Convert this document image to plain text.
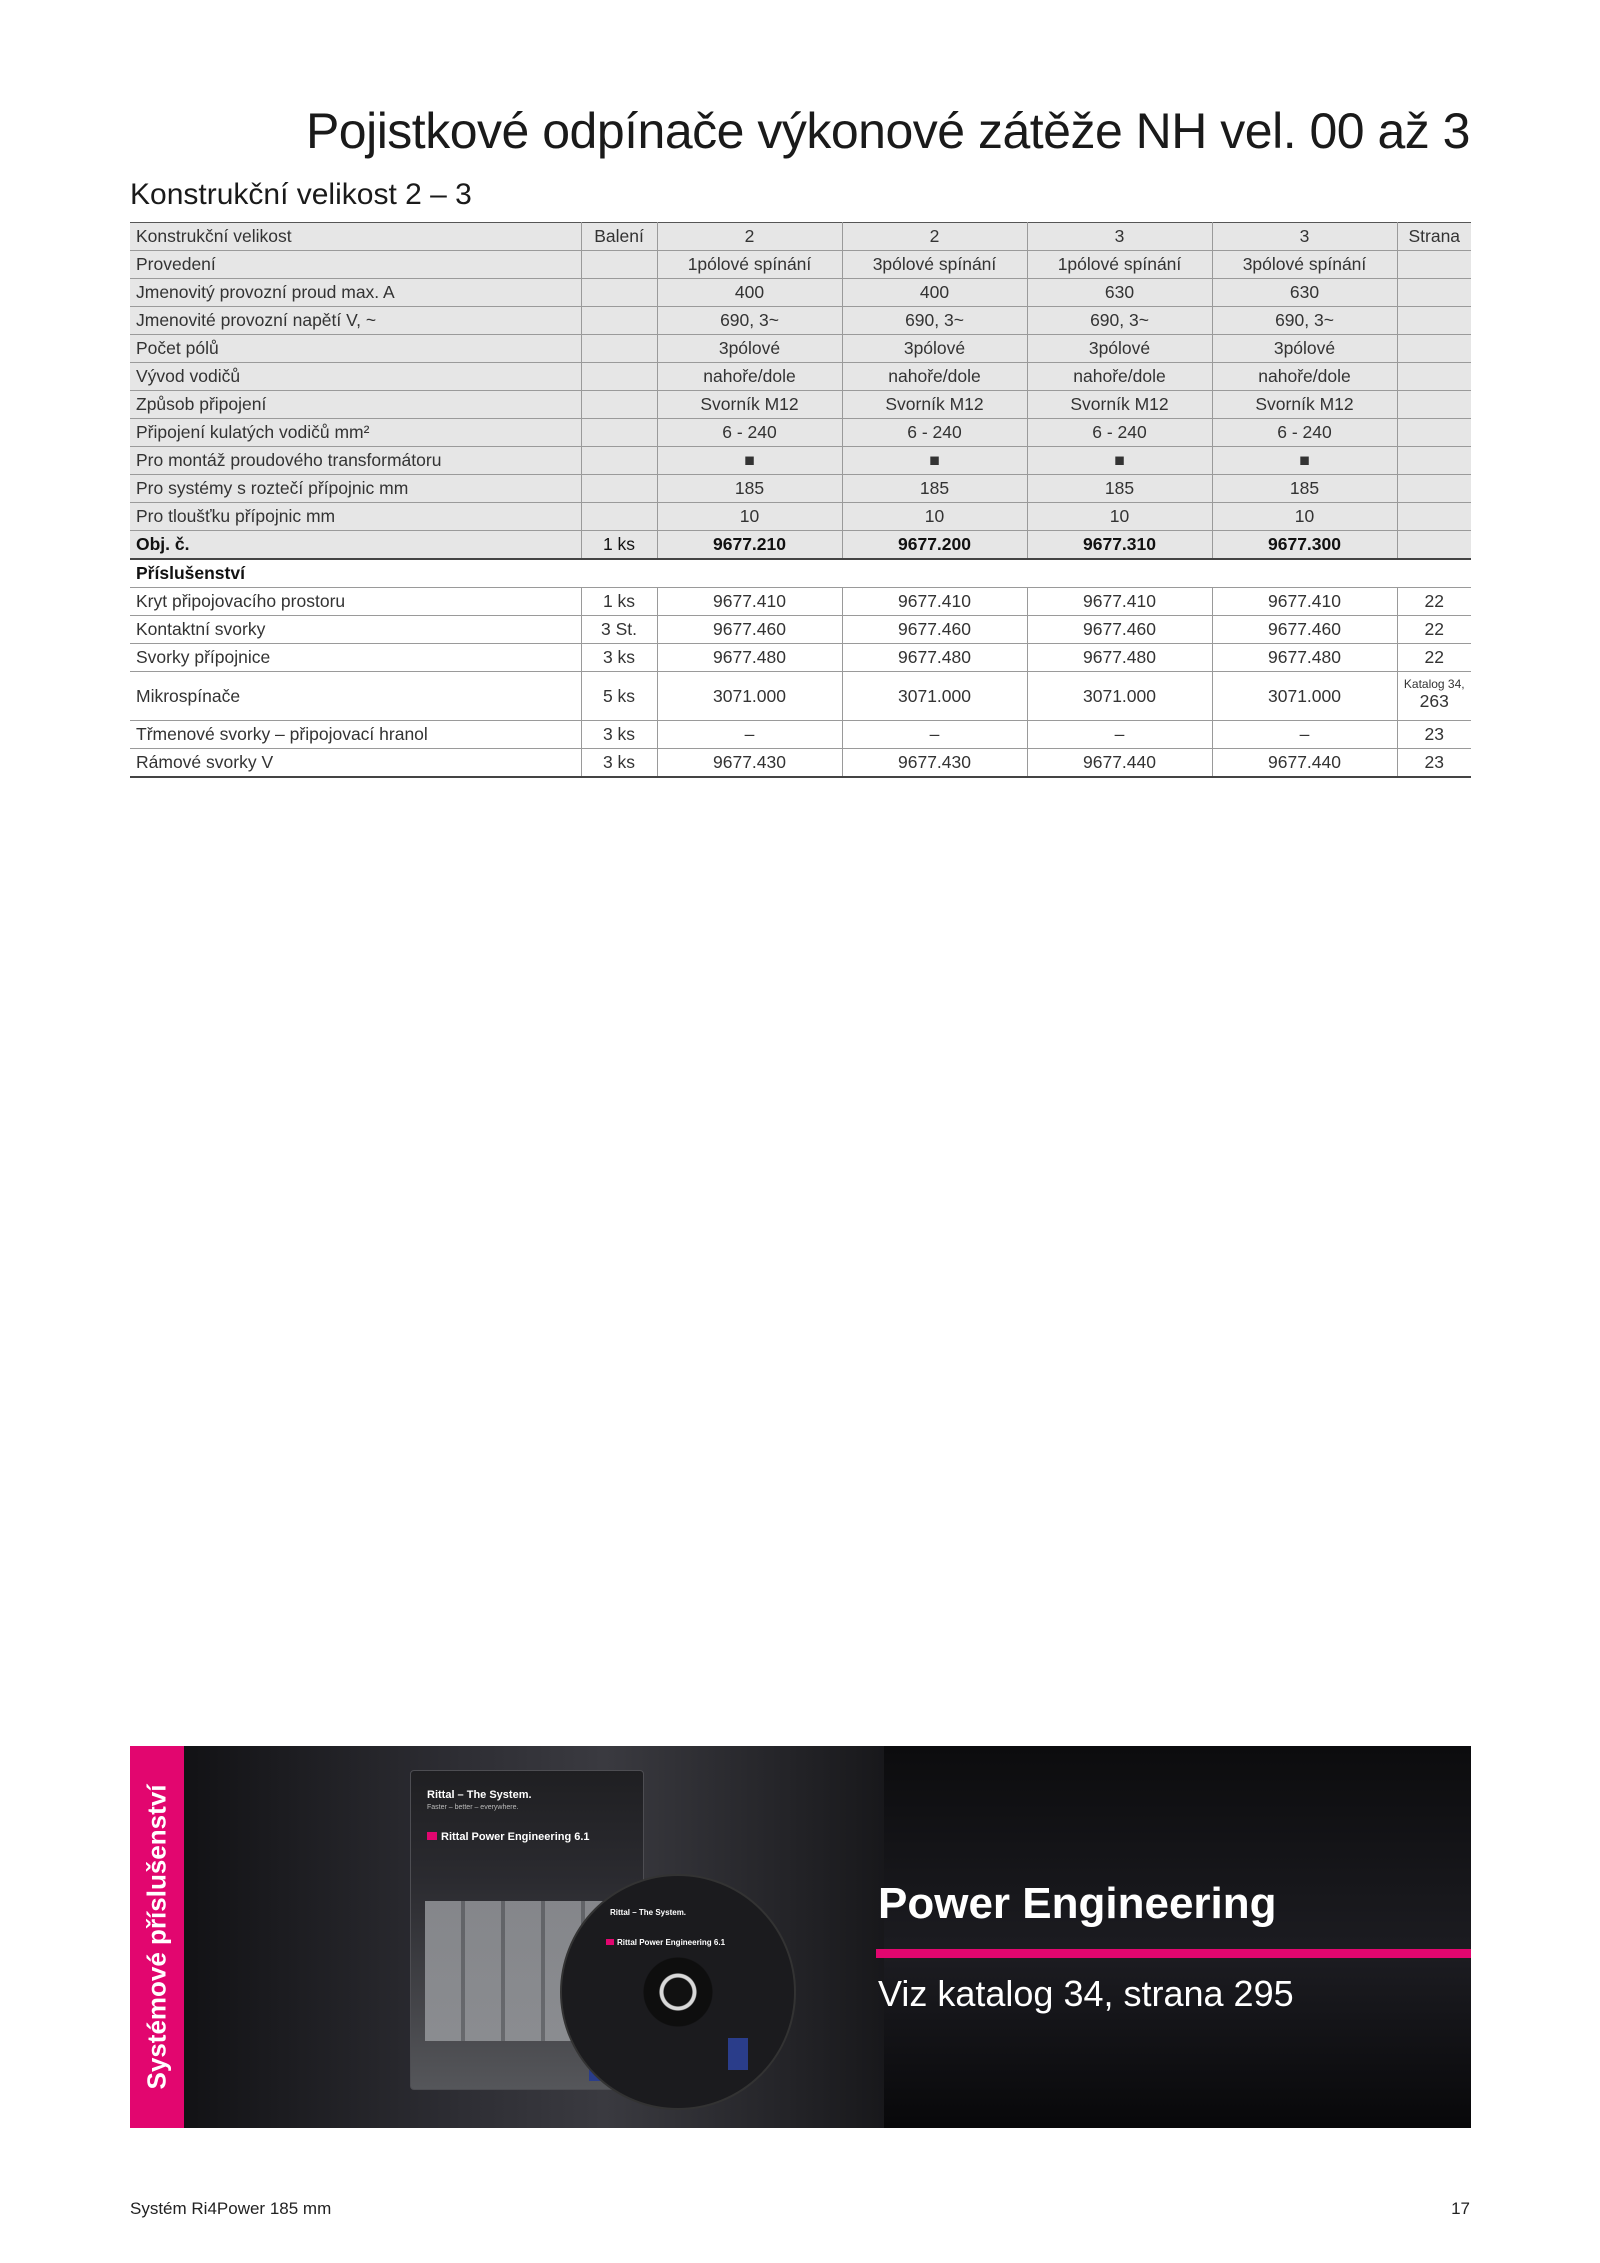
Pojistkové odpínače výkonové zátěže NH vel. 00 až 3
Konstrukční velikost 2 – 3
Konstrukční velikost	Balení	2	2	3	3	Strana
Provedení		1pólové spínání	3pólové spínání	1pólové spínání	3pólové spínání	
Jmenovitý provozní proud max. A		400	400	630	630	
Jmenovité provozní napětí V, ~		690, 3~	690, 3~	690, 3~	690, 3~	
Počet pólů		3pólové	3pólové	3pólové	3pólové	
Vývod vodičů		nahoře/dole	nahoře/dole	nahoře/dole	nahoře/dole	
Způsob připojení		Svorník M12	Svorník M12	Svorník M12	Svorník M12	
Připojení kulatých vodičů mm²		6 - 240	6 - 240	6 - 240	6 - 240	
Pro montáž proudového transformátoru		■	■	■	■	
Pro systémy s roztečí přípojnic mm		185	185	185	185	
Pro tloušťku přípojnic mm		10	10	10	10	
Obj. č.	1 ks	9677.210	9677.200	9677.310	9677.300	
Příslušenství						
Kryt připojovacího prostoru	1 ks	9677.410	9677.410	9677.410	9677.410	22
Kontaktní svorky	3 St.	9677.460	9677.460	9677.460	9677.460	22
Svorky přípojnice	3 ks	9677.480	9677.480	9677.480	9677.480	22
Mikrospínače	5 ks	3071.000	3071.000	3071.000	3071.000	Katalog 34,
263

Třmenové svorky – připojovací hranol	3 ks	–	–	–	–	23
Rámové svorky V	3 ks	9677.430	9677.430	9677.440	9677.440	23
Systémové příslušenství	Rittal – The System.
Faster – better – everywhere.
Rittal Power Engineering 6.1
Rittal – The System.
Rittal Power Engineering 6.1
Power Engineering
Viz katalog 34, strana 295
Systém Ri4Power 185 mm	17
